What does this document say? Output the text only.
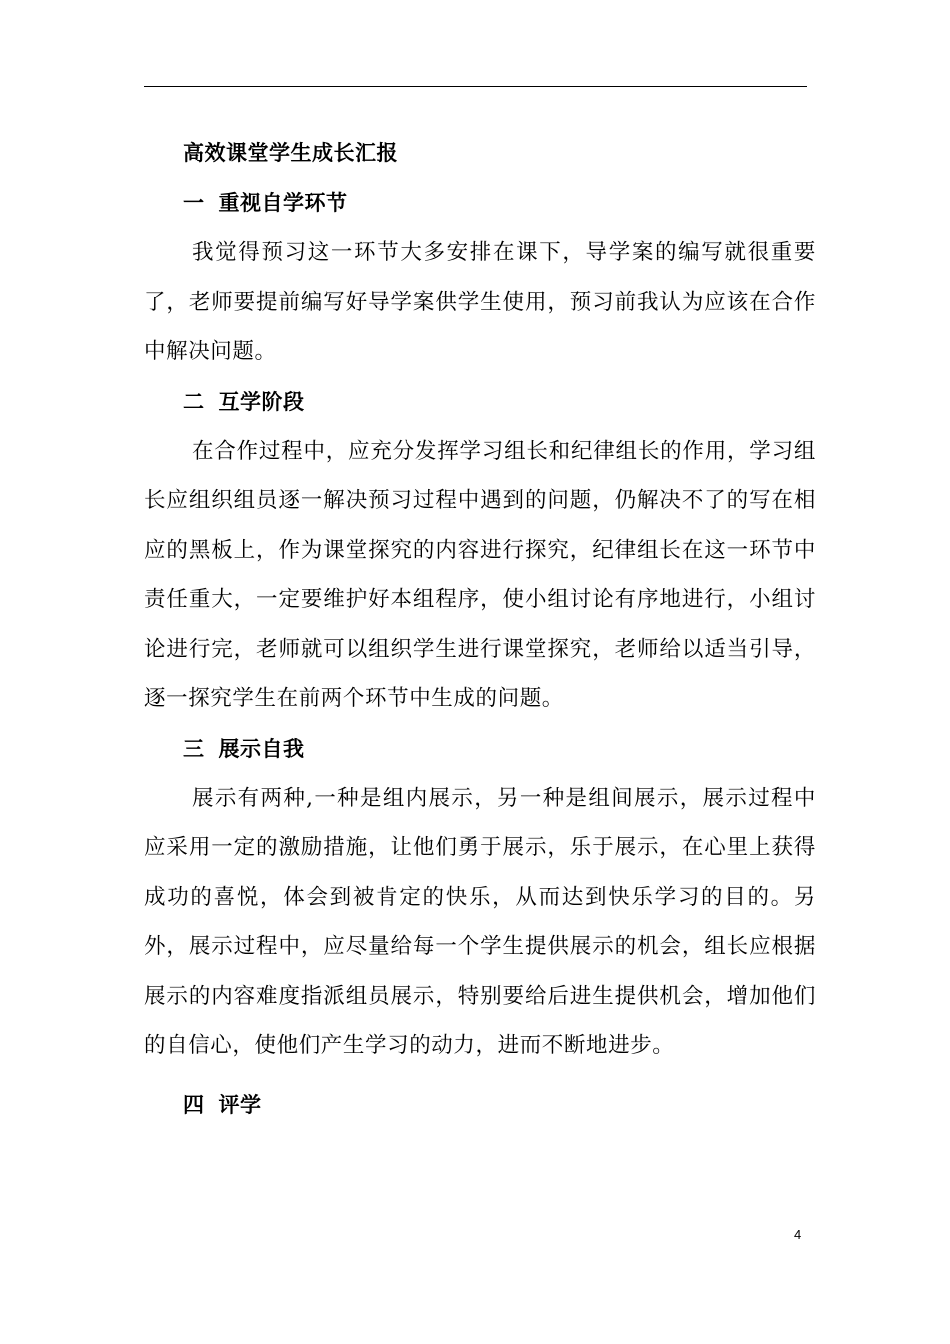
高效课堂学生成长汇报

一 重视自学环节

我觉得预习这一环节大多安排在课下，导学案的编写就很重要了，老师要提前编写好导学案供学生使用，预习前我认为应该在合作中解决问题。

二 互学阶段

在合作过程中，应充分发挥学习组长和纪律组长的作用，学习组长应组织组员逐一解决预习过程中遇到的问题，仍解决不了的写在相应的黑板上，作为课堂探究的内容进行探究，纪律组长在这一环节中责任重大，一定要维护好本组程序，使小组讨论有序地进行，小组讨论进行完，老师就可以组织学生进行课堂探究，老师给以适当引导，逐一探究学生在前两个环节中生成的问题。

三 展示自我

展示有两种,一种是组内展示，另一种是组间展示，展示过程中应采用一定的激励措施，让他们勇于展示，乐于展示，在心里上获得成功的喜悦，体会到被肯定的快乐，从而达到快乐学习的目的。另外，展示过程中，应尽量给每一个学生提供展示的机会，组长应根据展示的内容难度指派组员展示，特别要给后进生提供机会，增加他们的自信心，使他们产生学习的动力，进而不断地进步。

四 评学

4
